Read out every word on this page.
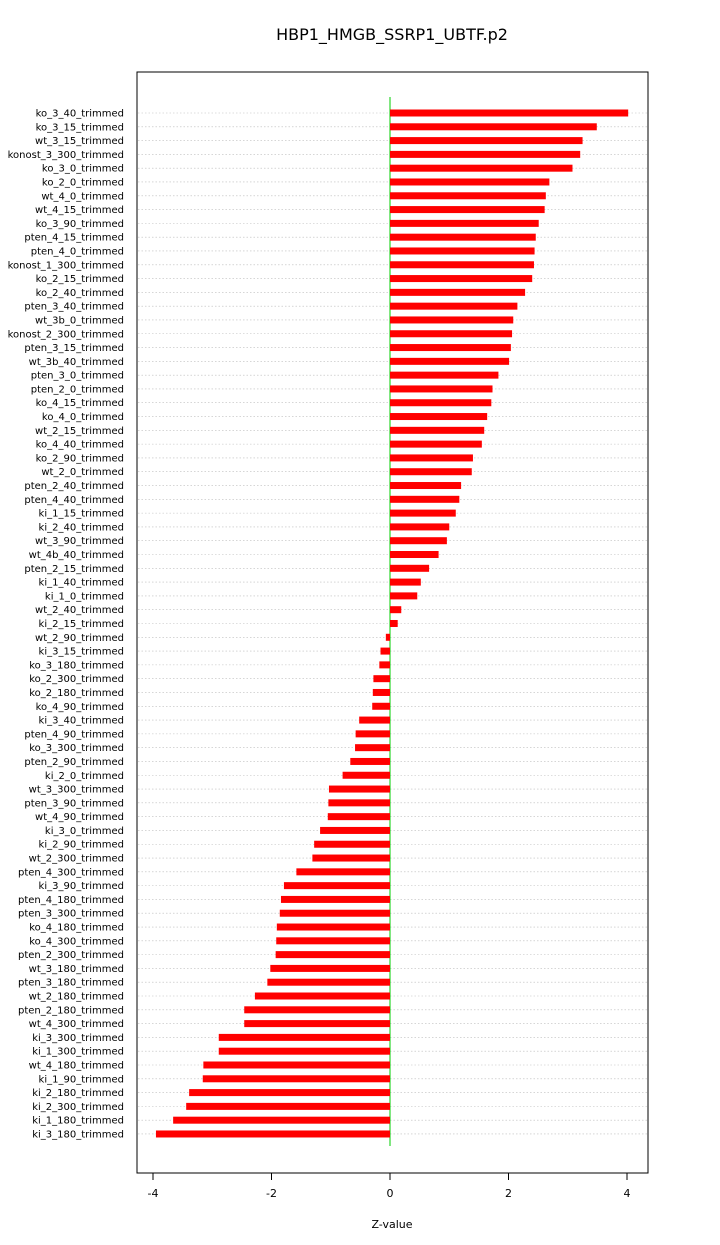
HBP1_HMGB_SSRP1_UBTF.p2
ko_3_40_trimmed
ko_3_15_trimmed
wt_3_15_trimmed
konost_3_300_trimmed
ko_3_0_trimmed
ko_2_0_trimmed
wt_4_0_trimmed
wt_4_15_trimmed
ko_3_90_trimmed
pten_4_15_trimmed
pten_4_0_trimmed
konost_1_300_trimmed
ko_2_15_trimmed
ko_2_40_trimmed
pten_3_40_trimmed
wt_3b_0_trimmed
konost_2_300_trimmed
pten_3_15_trimmed
wt_3b_40_trimmed
pten_3_0_trimmed
pten_2_0_trimmed
ko_4_15_trimmed
ko_4_0_trimmed
wt_2_15_trimmed
ko_4_40_trimmed
ko_2_90_trimmed
wt_2_0_trimmed
pten_2_40_trimmed
pten_4_40_trimmed
ki_1_15_trimmed
ki_2_40_trimmed
wt_3_90_trimmed
wt_4b_40_trimmed
pten_2_15_trimmed
ki_1_40_trimmed
ki_1_0_trimmed
wt_2_40_trimmed
ki_2_15_trimmed
wt_2_90_trimmed
ki_3_15_trimmed
ko_3_180_trimmed
ko_2_300_trimmed
ko_2_180_trimmed
ko_4_90_trimmed
ki_3_40_trimmed
pten_4_90_trimmed
ko_3_300_trimmed
pten_2_90_trimmed
ki_2_0_trimmed
wt_3_300_trimmed
pten_3_90_trimmed
wt_4_90_trimmed
ki_3_0_trimmed
ki_2_90_trimmed
wt_2_300_trimmed
pten_4_300_trimmed
ki_3_90_trimmed
pten_4_180_trimmed
pten_3_300_trimmed
ko_4_180_trimmed
ko_4_300_trimmed
pten_2_300_trimmed
wt_3_180_trimmed
pten_3_180_trimmed
wt_2_180_trimmed
pten_2_180_trimmed
wt_4_300_trimmed
ki_3_300_trimmed
ki_1_300_trimmed
wt_4_180_trimmed
ki_1_90_trimmed
ki_2_180_trimmed
ki_2_300_trimmed
ki_1_180_trimmed
ki_3_180_trimmed
-4	-2	0	2	4
Z-value
